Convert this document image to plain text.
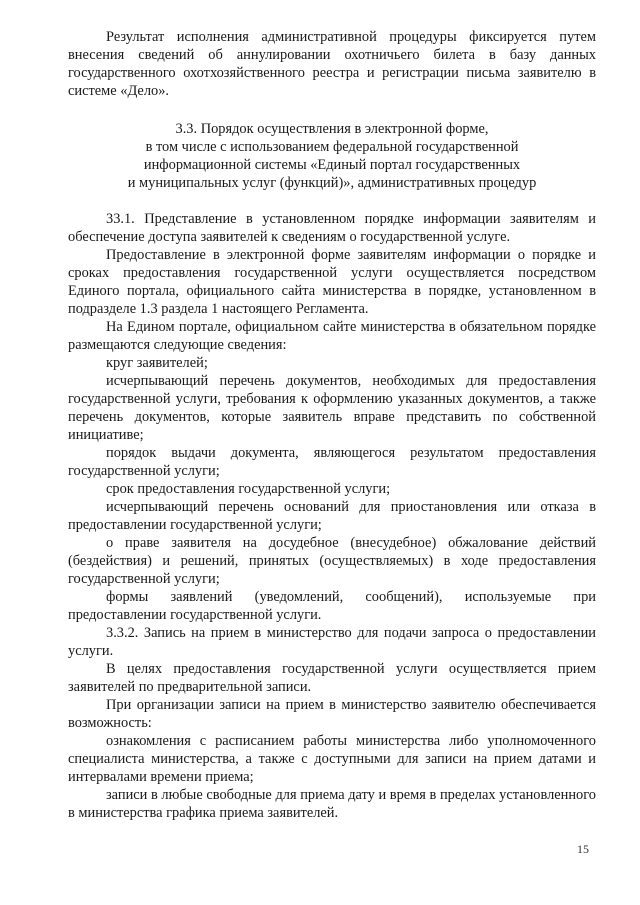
Результат исполнения административной процедуры фиксируется путем внесения сведений об аннулировании охотничьего билета в базу данных государственного охотхозяйственного реестра и регистрации письма заявителю в системе «Дело».

3.3. Порядок осуществления в электронной форме,
в том числе с использованием федеральной государственной
информационной системы «Единый портал государственных
и муниципальных услуг (функций)», административных процедур

33.1. Представление в установленном порядке информации заявителям и обеспечение доступа заявителей к сведениям о государственной услуге.

Предоставление в электронной форме заявителям информации о порядке и сроках предоставления государственной услуги осуществляется посредством Единого портала, официального сайта министерства в порядке, установленном в подразделе 1.3 раздела 1 настоящего Регламента.

На Едином портале, официальном сайте министерства в обязательном порядке размещаются следующие сведения:

круг заявителей;

исчерпывающий перечень документов, необходимых для предоставления государственной услуги, требования к оформлению указанных документов, а также перечень документов, которые заявитель вправе представить по собственной инициативе;

порядок выдачи документа, являющегося результатом предоставления государственной услуги;

срок предоставления государственной услуги;

исчерпывающий перечень оснований для приостановления или отказа в предоставлении государственной услуги;

о праве заявителя на досудебное (внесудебное) обжалование действий (бездействия) и решений, принятых (осуществляемых) в ходе предоставления государственной услуги;

формы заявлений (уведомлений, сообщений), используемые при предоставлении государственной услуги.

3.3.2. Запись на прием в министерство для подачи запроса о предоставлении услуги.

В целях предоставления государственной услуги осуществляется прием заявителей по предварительной записи.

При организации записи на прием в министерство заявителю обеспечивается возможность:

ознакомления с расписанием работы министерства либо уполномоченного специалиста министерства, а также с доступными для записи на прием датами и интервалами времени приема;

записи в любые свободные для приема дату и время в пределах установленного в министерства графика приема заявителей.

15
